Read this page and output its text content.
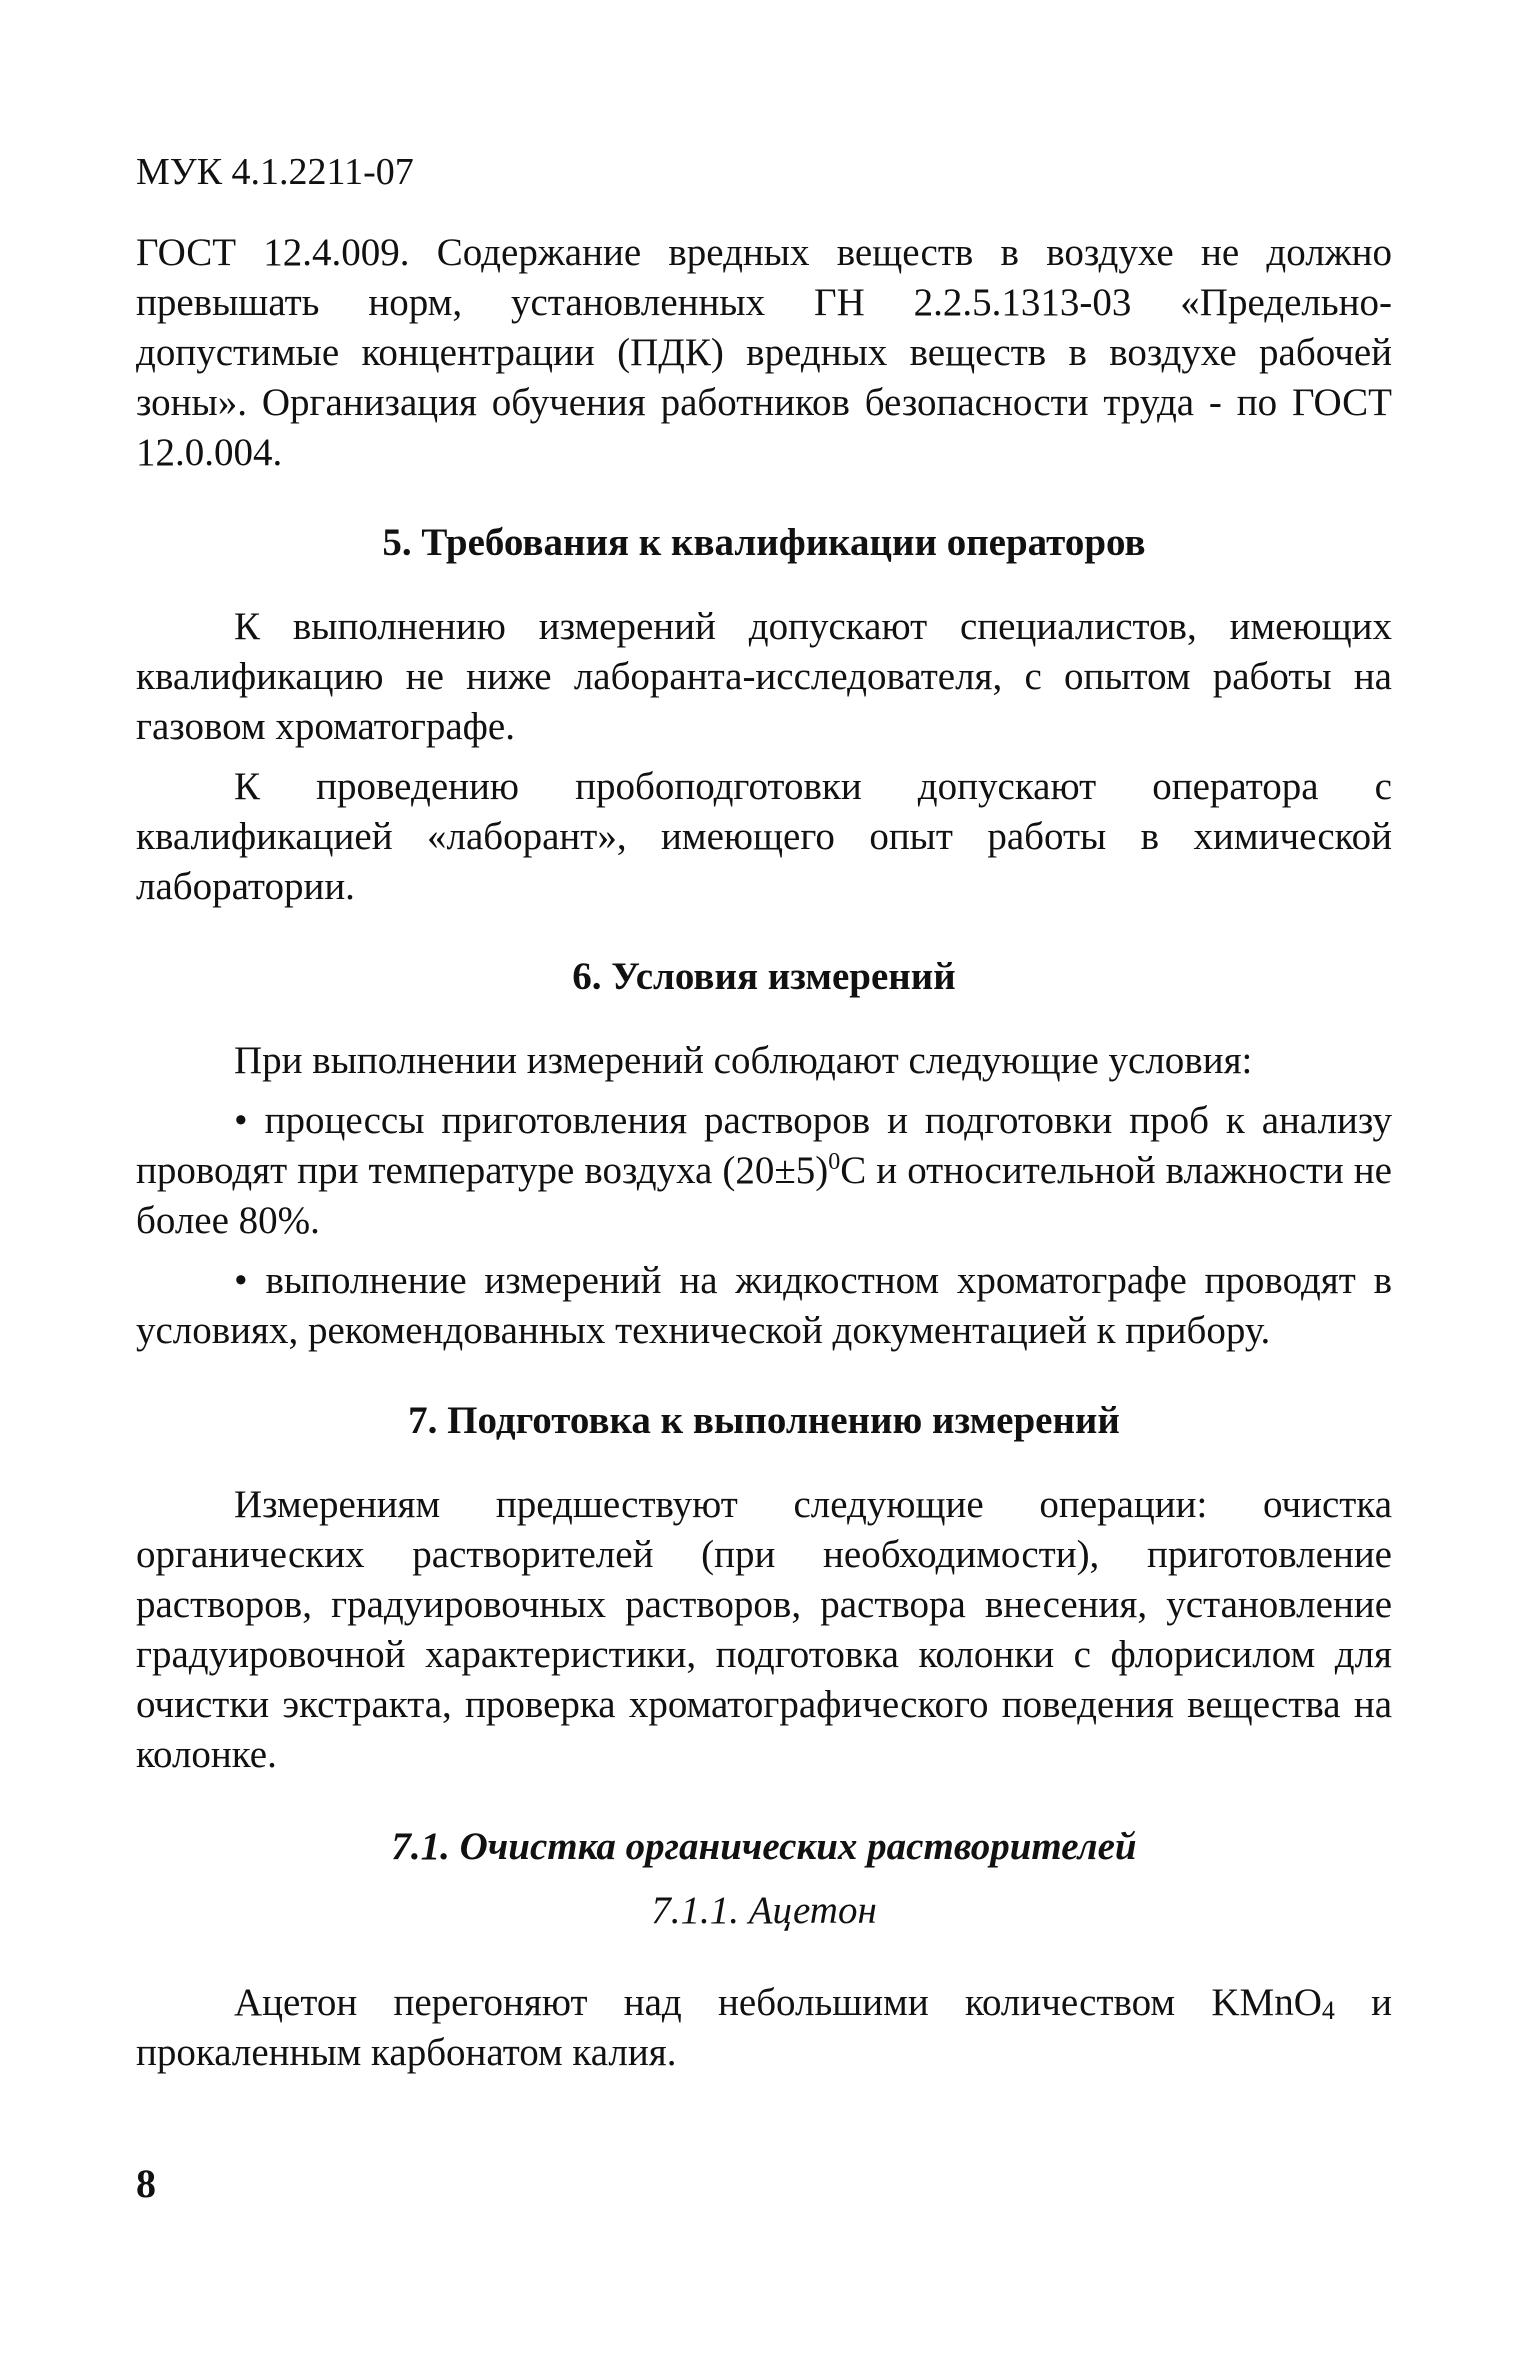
МУК 4.1.2211-07

ГОСТ 12.4.009. Содержание вредных веществ в воздухе не должно превышать норм, установленных ГН 2.2.5.1313-03 «Предельно-допустимые концентрации (ПДК) вредных веществ в воздухе рабочей зоны». Организация обучения работников безопасности труда - по ГОСТ 12.0.004.

5. Требования к квалификации операторов

К выполнению измерений допускают специалистов, имеющих квалификацию не ниже лаборанта-исследователя, с опытом работы на газовом хроматографе.

К проведению пробоподготовки допускают оператора с квалификацией «лаборант», имеющего опыт работы в химической лаборатории.

6. Условия измерений

При выполнении измерений соблюдают следующие условия:

• процессы приготовления растворов и подготовки проб к анализу проводят при температуре воздуха $(20\pm 5)^0С$ и относительной влажности не более 80%.

• выполнение измерений на жидкостном хроматографе проводят в условиях, рекомендованных технической документацией к прибору.

7. Подготовка к выполнению измерений

Измерениям предшествуют следующие операции: очистка органических растворителей (при необходимости), приготовление растворов, градуировочных растворов, раствора внесения, установление градуировочной характеристики, подготовка колонки с флорисилом для очистки экстракта, проверка хроматографического поведения вещества на колонке.

7.1. Очистка органических растворителей
7.1.1. Ацетон

Ацетон перегоняют над небольшими количеством KMnO$_4$ и прокаленным карбонатом калия.

8
